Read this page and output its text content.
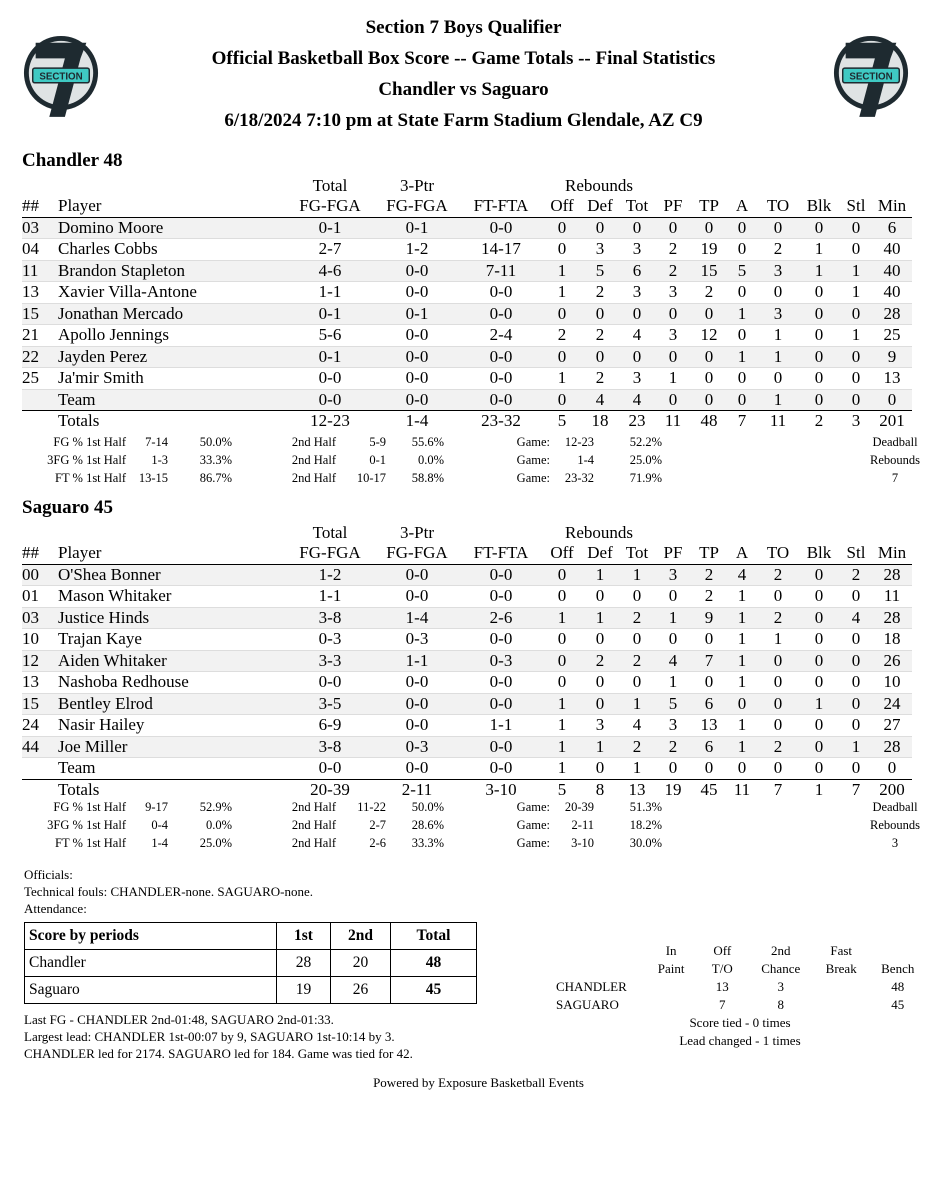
SECTION	SECTION
Section 7 Boys Qualifier
Official Basketball Box Score -- Game Totals -- Final Statistics
Chandler vs Saguaro
6/18/2024 7:10 pm at State Farm Stadium Glendale, AZ C9
Chandler 48
		Total	3-Ptr		Rebounds									
##	Player	FG-FGA	FG-FGA	FT-FTA	Off	Def	Tot	PF	TP	A	TO	Blk	Stl	Min
03	Domino Moore	0-1	0-1	0-0	0	0	0	0	0	0	0	0	0	6
04	Charles Cobbs	2-7	1-2	14-17	0	3	3	2	19	0	2	1	0	40
11	Brandon Stapleton	4-6	0-0	7-11	1	5	6	2	15	5	3	1	1	40
13	Xavier Villa-Antone	1-1	0-0	0-0	1	2	3	3	2	0	0	0	1	40
15	Jonathan Mercado	0-1	0-1	0-0	0	0	0	0	0	1	3	0	0	28
21	Apollo Jennings	5-6	0-0	2-4	2	2	4	3	12	0	1	0	1	25
22	Jayden Perez	0-1	0-0	0-0	0	0	0	0	0	1	1	0	0	9
25	Ja'mir Smith	0-0	0-0	0-0	1	2	3	1	0	0	0	0	0	13
	Team	0-0	0-0	0-0	0	4	4	0	0	0	1	0	0	0
	Totals	12-23	1-4	23-32	5	18	23	11	48	7	11	2	3	201
FG % 1st Half	7-14	50.0%	2nd Half	5-9	55.6%	Game:	12-23	52.2%
3FG % 1st Half	1-3	33.3%	2nd Half	0-1	0.0%	Game:	1-4	25.0%
FT % 1st Half	13-15	86.7%	2nd Half	10-17	58.8%	Game:	23-32	71.9%
Deadball
Rebounds
7
Saguaro 45
		Total	3-Ptr		Rebounds									
##	Player	FG-FGA	FG-FGA	FT-FTA	Off	Def	Tot	PF	TP	A	TO	Blk	Stl	Min
00	O'Shea Bonner	1-2	0-0	0-0	0	1	1	3	2	4	2	0	2	28
01	Mason Whitaker	1-1	0-0	0-0	0	0	0	0	2	1	0	0	0	11
03	Justice Hinds	3-8	1-4	2-6	1	1	2	1	9	1	2	0	4	28
10	Trajan Kaye	0-3	0-3	0-0	0	0	0	0	0	1	1	0	0	18
12	Aiden Whitaker	3-3	1-1	0-3	0	2	2	4	7	1	0	0	0	26
13	Nashoba Redhouse	0-0	0-0	0-0	0	0	0	1	0	1	0	0	0	10
15	Bentley Elrod	3-5	0-0	0-0	1	0	1	5	6	0	0	1	0	24
24	Nasir Hailey	6-9	0-0	1-1	1	3	4	3	13	1	0	0	0	27
44	Joe Miller	3-8	0-3	0-0	1	1	2	2	6	1	2	0	1	28
	Team	0-0	0-0	0-0	1	0	1	0	0	0	0	0	0	0
	Totals	20-39	2-11	3-10	5	8	13	19	45	11	7	1	7	200
FG % 1st Half	9-17	52.9%	2nd Half	11-22	50.0%	Game:	20-39	51.3%
3FG % 1st Half	0-4	0.0%	2nd Half	2-7	28.6%	Game:	2-11	18.2%
FT % 1st Half	1-4	25.0%	2nd Half	2-6	33.3%	Game:	3-10	30.0%
Deadball
Rebounds
3
Officials:
Technical fouls: CHANDLER-none. SAGUARO-none.
Attendance:
Score by periods	1st	2nd	Total
Chandler	28	20	48
Saguaro	19	26	45
	In	Off	2nd	Fast	
	Paint	T/O	Chance	Break	Bench
CHANDLER		13	3		48
SAGUARO		7	8		45
Score tied - 0 times
Lead changed - 1 times
Last FG - CHANDLER 2nd-01:48, SAGUARO 2nd-01:33.
Largest lead: CHANDLER 1st-00:07 by 9, SAGUARO 1st-10:14 by 3.
CHANDLER led for 2174. SAGUARO led for 184. Game was tied for 42.
Powered by Exposure Basketball Events
